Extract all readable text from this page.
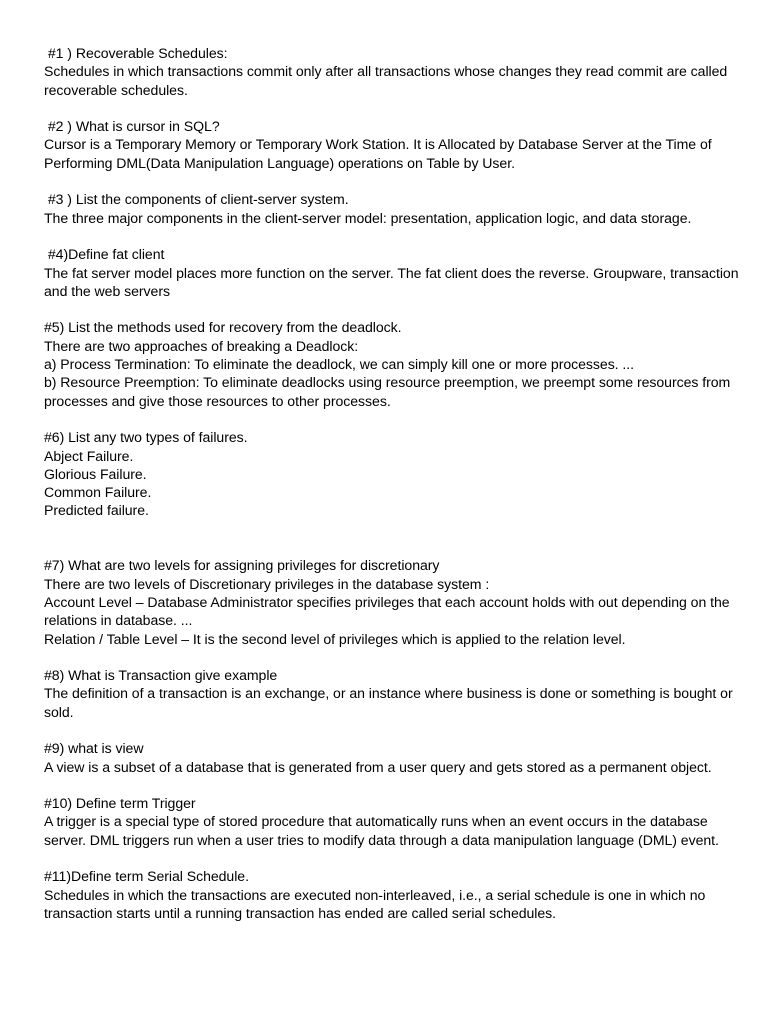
#1 ) Recoverable Schedules:
Schedules in which transactions commit only after all transactions whose changes they read commit are called recoverable schedules.
#2 ) What is cursor in SQL?
Cursor is a Temporary Memory or Temporary Work Station. It is Allocated by Database Server at the Time of Performing DML(Data Manipulation Language) operations on Table by User.
#3 ) List the components of client-server system.
The three major components in the client-server model: presentation, application logic, and data storage.
#4)Define fat client
The fat server model places more function on the server. The fat client does the reverse. Groupware, transaction and the web servers
#5) List the methods used for recovery from the deadlock.
There are two approaches of breaking a Deadlock:
a) Process Termination: To eliminate the deadlock, we can simply kill one or more processes. ...
b) Resource Preemption: To eliminate deadlocks using resource preemption, we preempt some resources from processes and give those resources to other processes.
#6) List any two types of failures.
Abject Failure.
Glorious Failure.
Common Failure.
Predicted failure.
#7) What are two levels for assigning privileges for discretionary
There are two levels of Discretionary privileges in the database system :
Account Level – Database Administrator specifies privileges that each account holds with out depending on the relations in database. ...
Relation / Table Level – It is the second level of privileges which is applied to the relation level.
#8) What is Transaction give example
The definition of a transaction is an exchange, or an instance where business is done or something is bought or sold.
#9) what is view
A view is a subset of a database that is generated from a user query and gets stored as a permanent object.
#10) Define term Trigger
A trigger is a special type of stored procedure that automatically runs when an event occurs in the database server. DML triggers run when a user tries to modify data through a data manipulation language (DML) event.
#11)Define term Serial Schedule.
Schedules in which the transactions are executed non-interleaved, i.e., a serial schedule is one in which no transaction starts until a running transaction has ended are called serial schedules.
